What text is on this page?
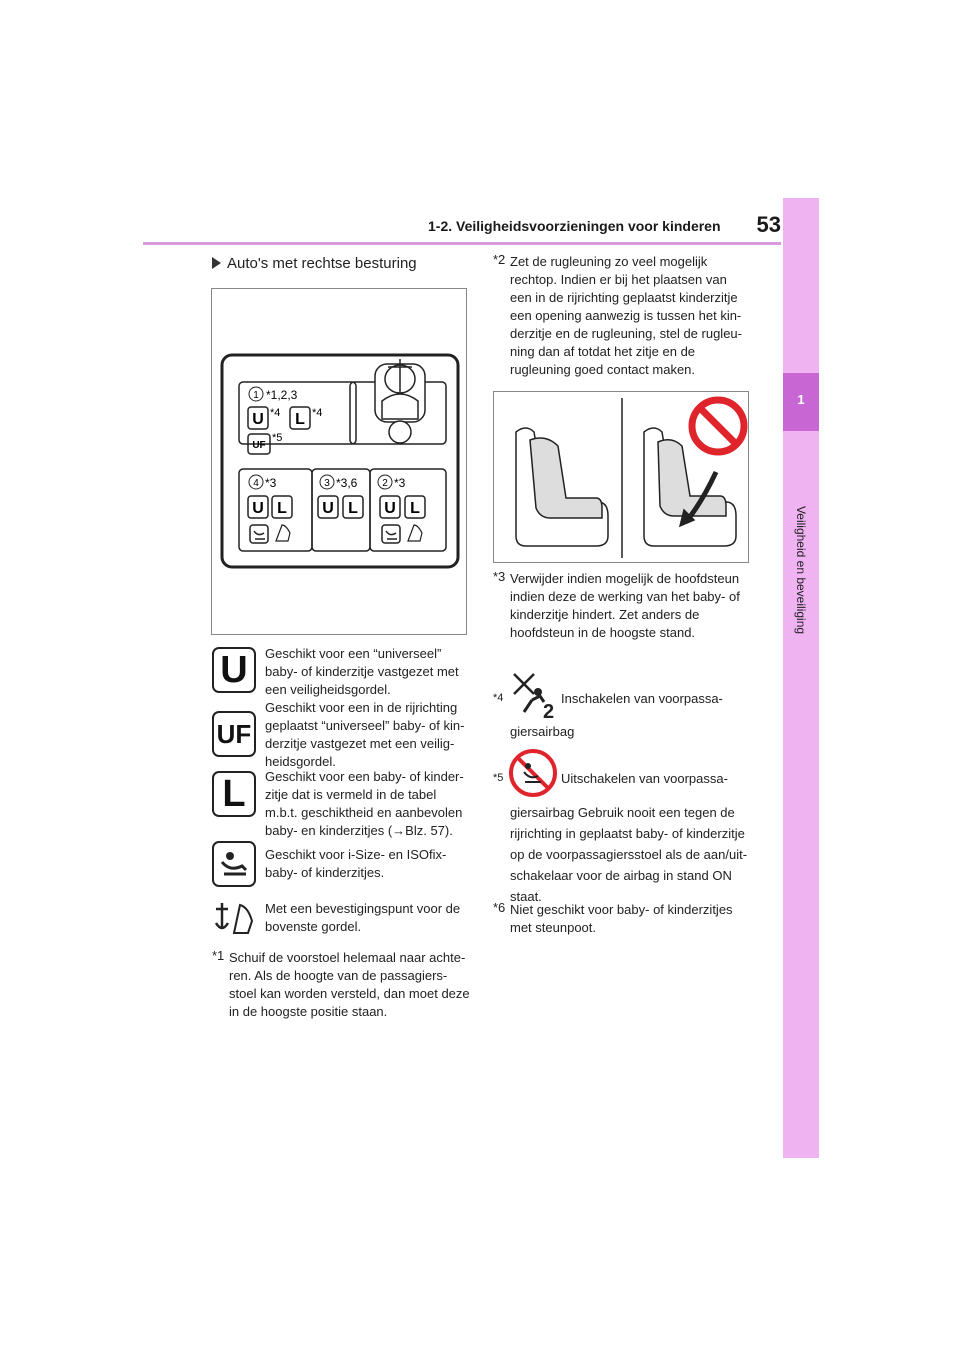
1-2. Veiligheidsvoorzieningen voor kinderen	53
1
Veiligheid en beveiliging
Auto's met rechtse besturing
1 *1,2,3
U *4 L *4
UF
*5
4 *3
U L
3 *3,6
U L
2 *3
U L
U
UF
L
Geschikt voor een “universeel” baby- of kinderzitje vastgezet met een veiligheidsgordel.
Geschikt voor een in de rijrichting geplaatst “universeel” baby- of kin-derzitje vastgezet met een veilig-heidsgordel.
Geschikt voor een baby- of kinder-zitje dat is vermeld in de tabel m.b.t. geschiktheid en aanbevolen baby- en kinderzitjes (→Blz. 57).
Geschikt voor i-Size- en ISOfix- baby- of kinderzitjes.
Met een bevestigingspunt voor de bovenste gordel.
*1 Schuif de voorstoel helemaal naar achte-ren. Als de hoogte van de passagiers-stoel kan worden versteld, dan moet deze in de hoogste positie staan.
*2 Zet de rugleuning zo veel mogelijk rechtop. Indien er bij het plaatsen van een in de rijrichting geplaatst kinderzitje een opening aanwezig is tussen het kin-derzitje en de rugleuning, stel de rugleu-ning dan af totdat het zitje en de rugleuning goed contact maken.
*3 Verwijder indien mogelijk de hoofdsteun indien deze de werking van het baby- of kinderzitje hindert. Zet anders de hoofdsteun in de hoogste stand.
*4
2
Inschakelen van voorpassa-
giersairbag
*5	Uitschakelen van voorpassa-
giersairbag Gebruik nooit een tegen de rijrichting in geplaatst baby- of kinderzitje op de voorpassagiersstoel als de aan/uit-schakelaar voor de airbag in stand ON staat.
*6 Niet geschikt voor baby- of kinderzitjes met steunpoot.
